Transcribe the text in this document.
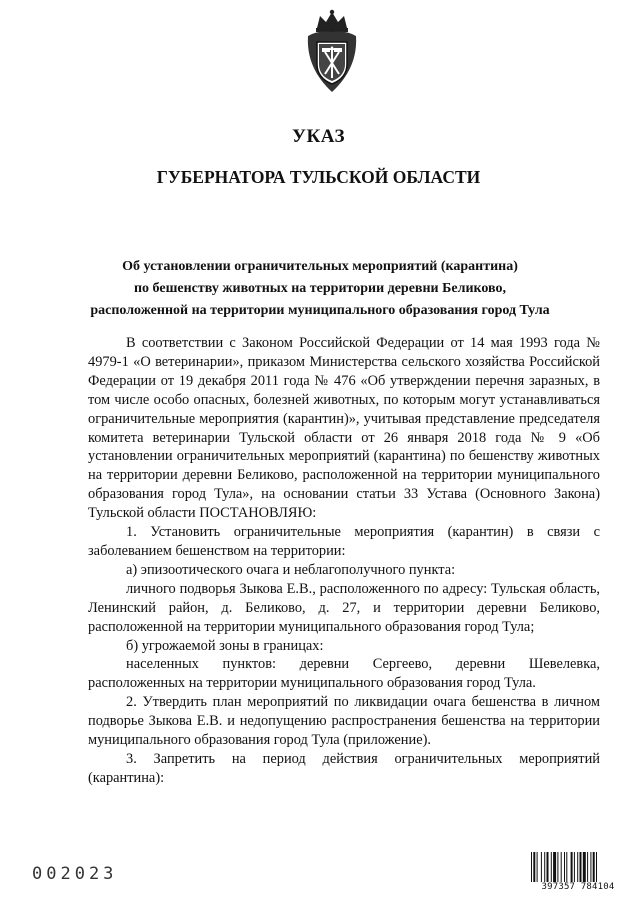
УКАЗ
ГУБЕРНАТОРА ТУЛЬСКОЙ ОБЛАСТИ
Об установлении ограничительных мероприятий (карантина)
по бешенству животных на территории деревни Беликово,
расположенной на территории муниципального образования город Тула

В соответствии с Законом Российской Федерации от 14 мая 1993 года № 4979-1 «О ветеринарии», приказом Министерства сельского хозяйства Российской Федерации от 19 декабря 2011 года № 476 «Об утверждении перечня заразных, в том числе особо опасных, болезней животных, по которым могут устанавливаться ограничительные мероприятия (карантин)», учитывая представление председателя комитета ветеринарии Тульской области от 26 января 2018 года № 9 «Об установлении ограничительных мероприятий (карантина) по бешенству животных на территории деревни Беликово, расположенной на территории муниципального образования город Тула», на основании статьи 33 Устава (Основного Закона) Тульской области ПОСТАНОВЛЯЮ:

1. Установить ограничительные мероприятия (карантин) в связи с заболеванием бешенством на территории:

а) эпизоотического очага и неблагополучного пункта:

личного подворья Зыкова Е.В., расположенного по адресу: Тульская область, Ленинский район, д. Беликово, д. 27, и территории деревни Беликово, расположенной на территории муниципального образования город Тула;

б) угрожаемой зоны в границах:

населенных пунктов: деревни Сергеево, деревни Шевелевка, расположенных на территории муниципального образования город Тула.

2. Утвердить план мероприятий по ликвидации очага бешенства в личном подворье Зыкова Е.В. и недопущению распространения бешенства на территории муниципального образования город Тула (приложение).

3. Запретить на период действия ограничительных мероприятий (карантина):

002023
397357 784104
